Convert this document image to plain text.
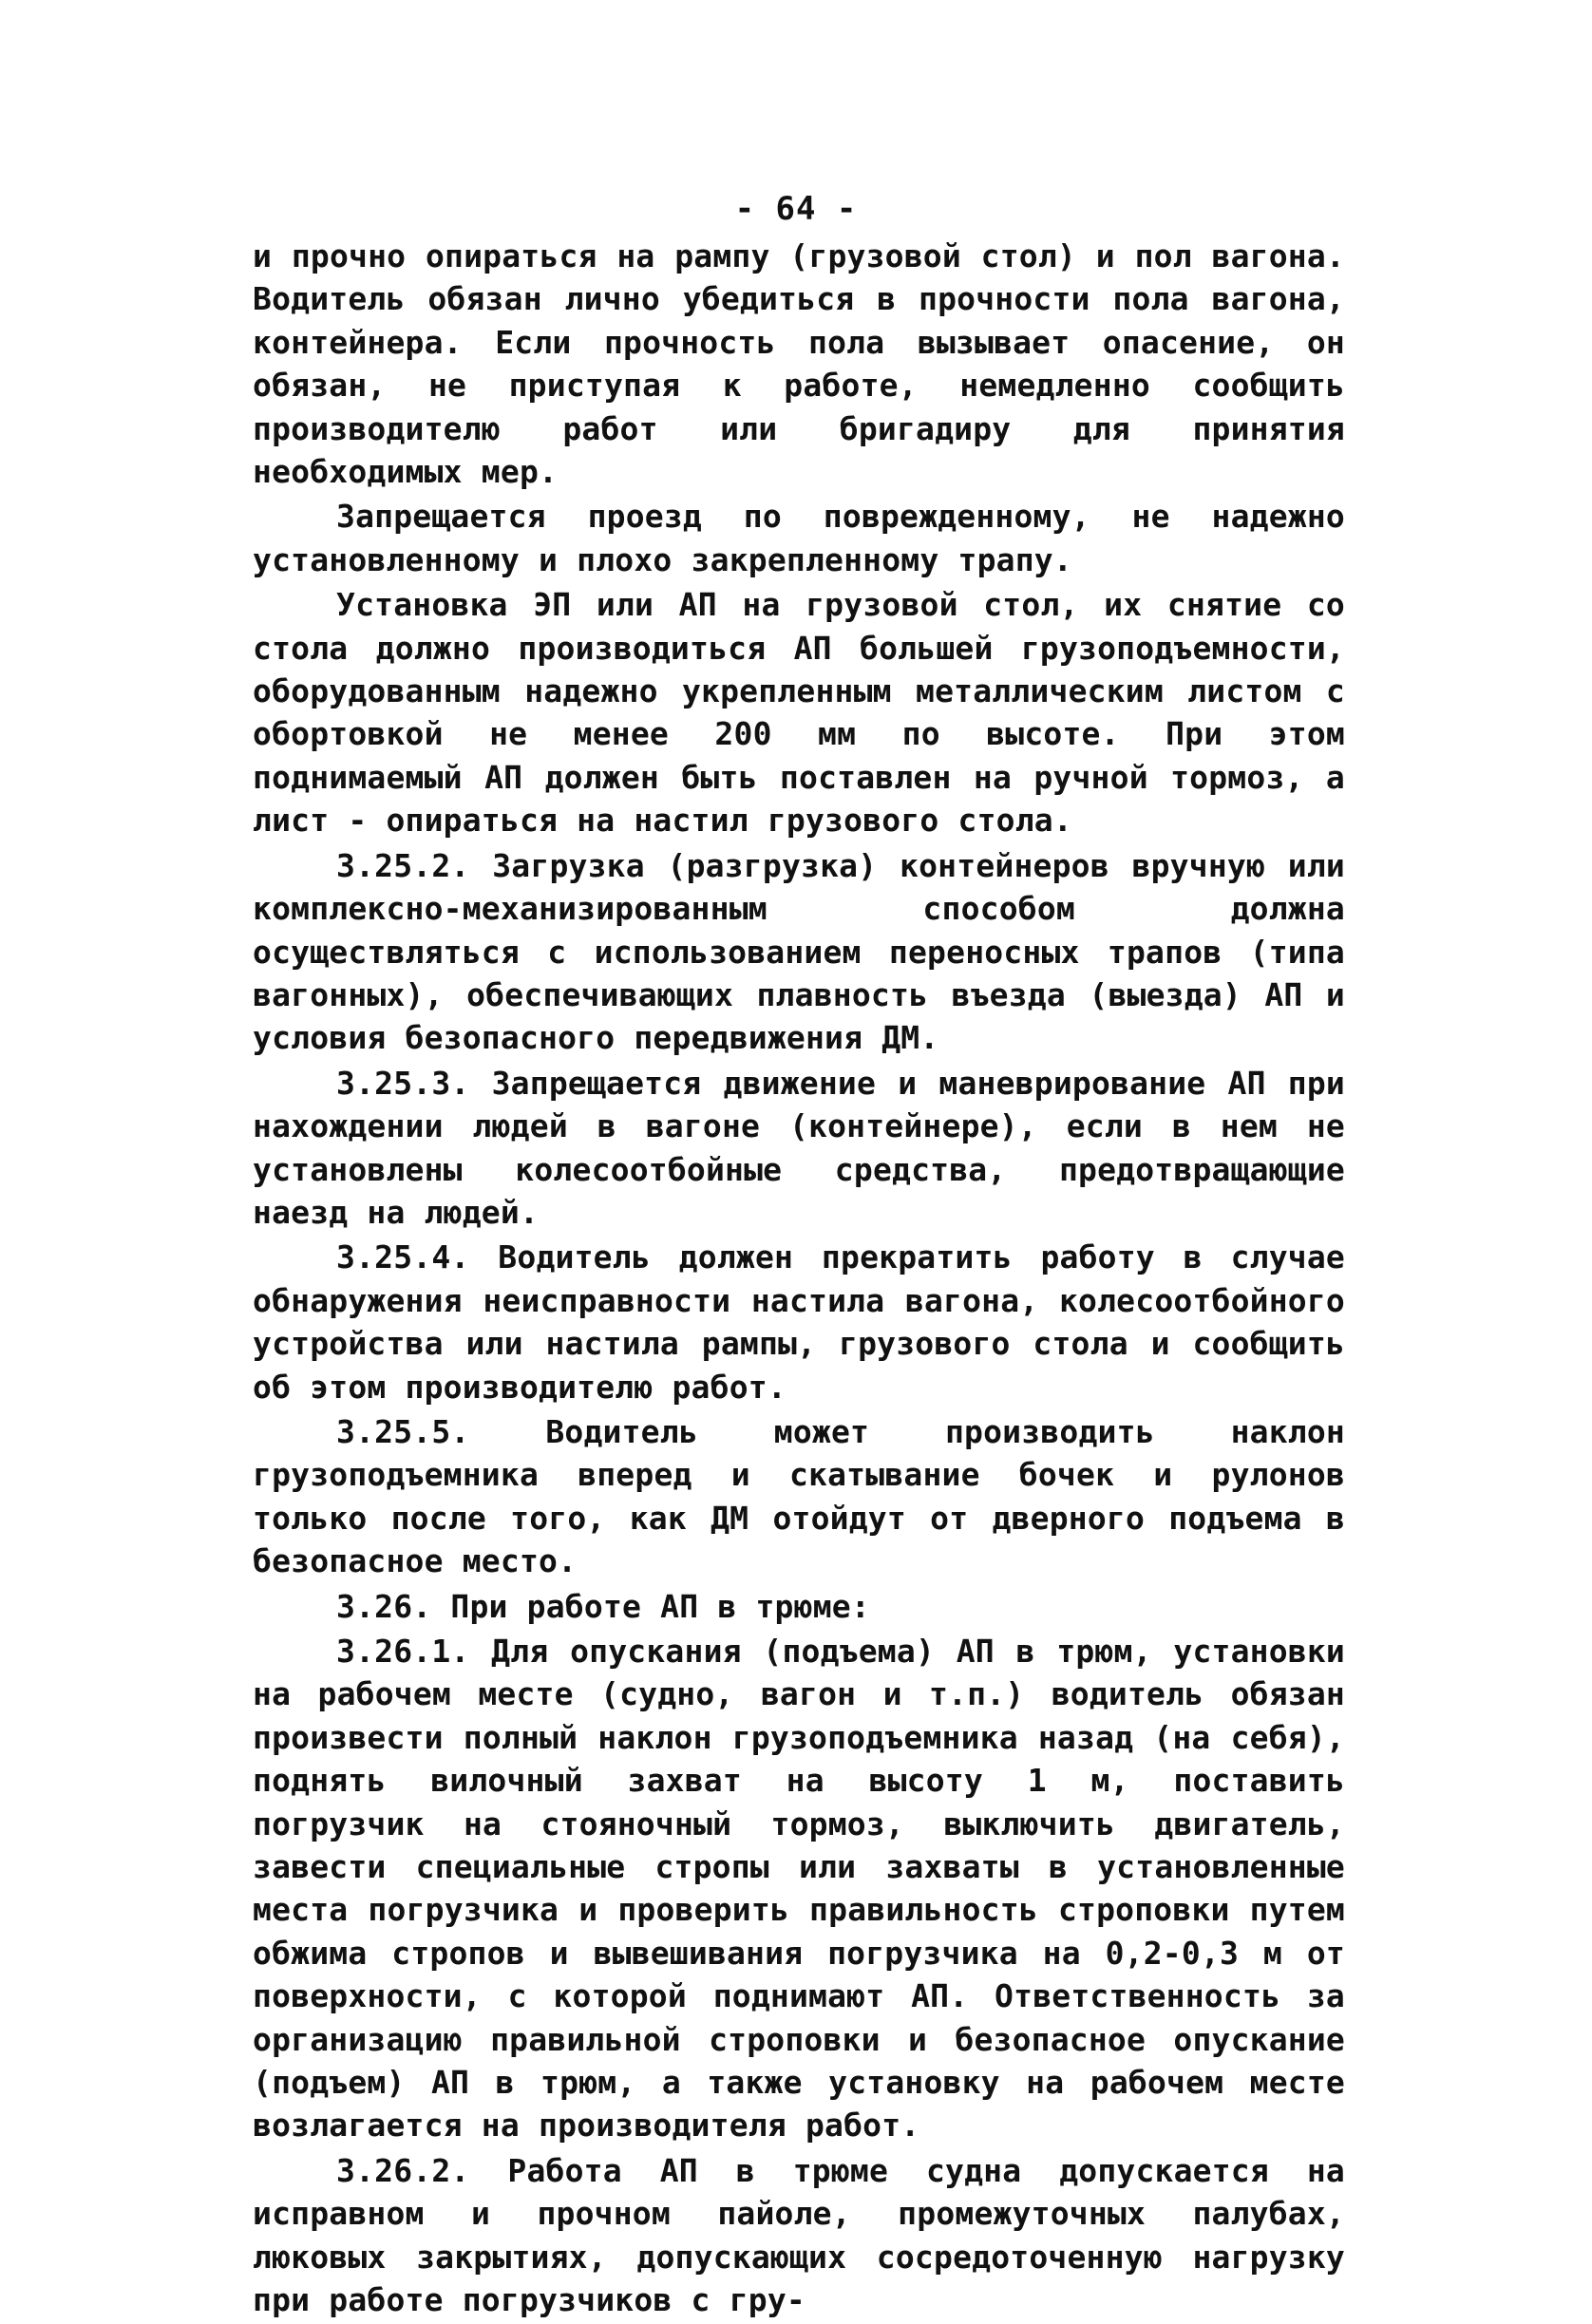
- 64 -

и прочно опираться на рампу (грузовой стол) и пол вагона. Водитель обязан лично убедиться в прочности пола вагона, контейнера. Если прочность пола вызывает опасение, он обязан, не приступая к работе, немедленно сообщить производителю работ или бригадиру для принятия необходимых мер.

Запрещается проезд по поврежденному, не надежно установленному и плохо закрепленному трапу.

Установка ЭП или АП на грузовой стол, их снятие со стола должно производиться АП большей грузоподъемности, оборудованным надежно укрепленным металлическим листом с обортовкой не менее 200 мм по высоте. При этом поднимаемый АП должен быть поставлен на ручной тормоз, а лист - опираться на настил грузового стола.

3.25.2. Загрузка (разгрузка) контейнеров вручную или комплексно-механизированным способом должна осуществляться с использованием переносных трапов (типа вагонных), обеспечивающих плавность въезда (выезда) АП и условия безопасного передвижения ДМ.

3.25.3. Запрещается движение и маневрирование АП при нахождении людей в вагоне (контейнере), если в нем не установлены колесоотбойные средства, предотвращающие наезд на людей.

3.25.4. Водитель должен прекратить работу в случае обнаружения неисправности настила вагона, колесоотбойного устройства или настила рампы, грузового стола и сообщить об этом производителю работ.

3.25.5. Водитель может производить наклон грузоподъемника вперед и скатывание бочек и рулонов только после того, как ДМ отойдут от дверного подъема в безопасное место.

3.26. При работе АП в трюме:

3.26.1. Для опускания (подъема) АП в трюм, установки на рабочем месте (судно, вагон и т.п.) водитель обязан произвести полный наклон грузоподъемника назад (на себя), поднять вилочный захват на высоту 1 м, поставить погрузчик на стояночный тормоз, выключить двигатель, завести специальные стропы или захваты в установленные места погрузчика и проверить правильность строповки путем обжима стропов и вывешивания погрузчика на 0,2-0,3 м от поверхности, с которой поднимают АП. Ответственность за организацию правильной строповки и безопасное опускание (подъем) АП в трюм, а также установку на рабочем месте возлагается на производителя работ.

3.26.2. Работа АП в трюме судна допускается на исправном и прочном пайоле, промежуточных палубах, люковых закрытиях, допускающих сосредоточенную нагрузку при работе погрузчиков с гру-
